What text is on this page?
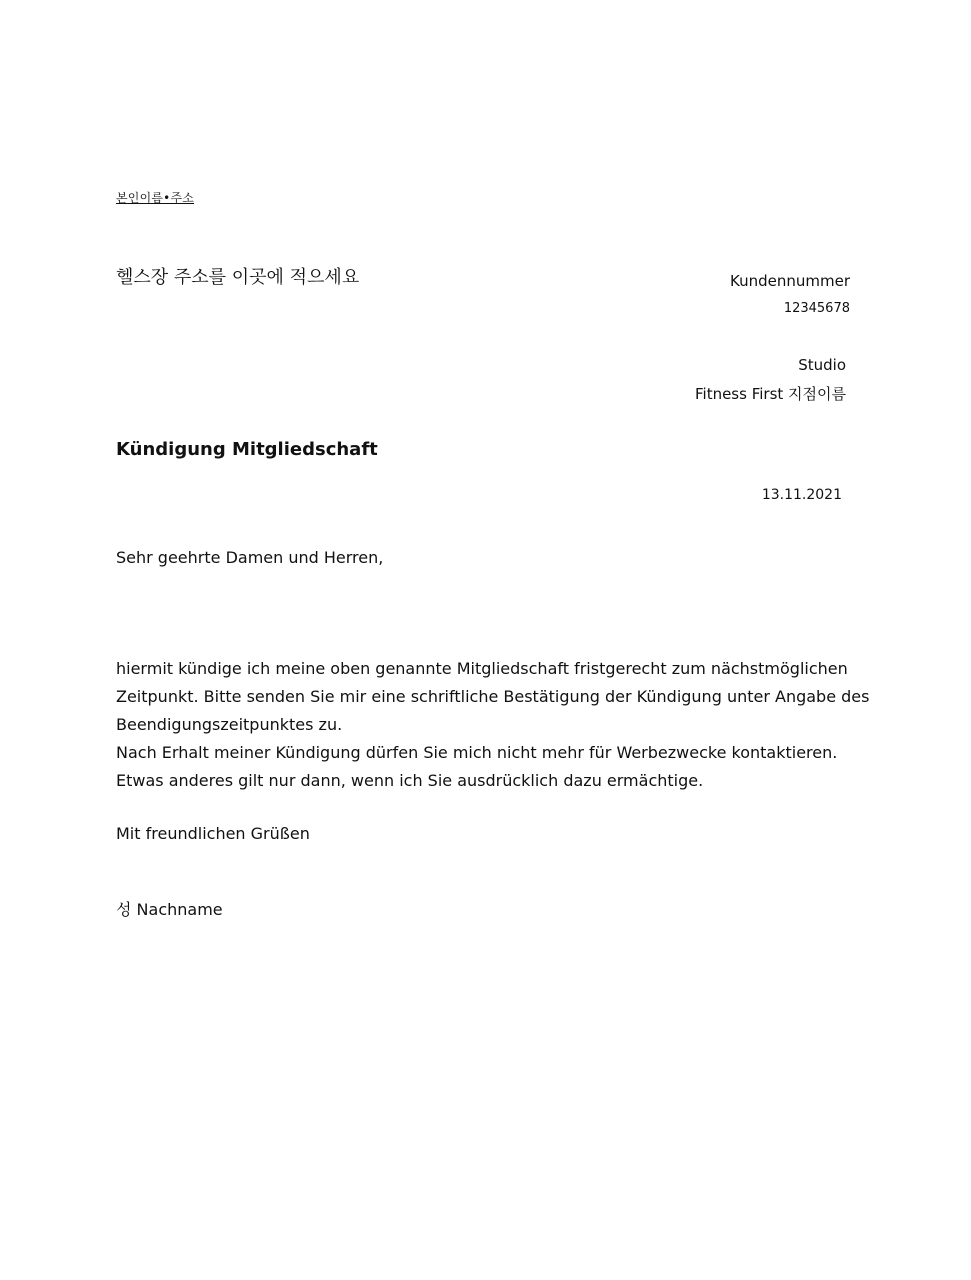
본인이름•주소
헬스장 주소를 이곳에 적으세요	Kundennummer
12345678
Studio
Fitness First 지점이름
Kündigung Mitgliedschaft
13.11.2021
Sehr geehrte Damen und Herren,
hiermit kündige ich meine oben genannte Mitgliedschaft fristgerecht zum nächstmöglichen
Zeitpunkt. Bitte senden Sie mir eine schriftliche Bestätigung der Kündigung unter Angabe des
Beendigungszeitpunktes zu.
Nach Erhalt meiner Kündigung dürfen Sie mich nicht mehr für Werbezwecke kontaktieren.
Etwas anderes gilt nur dann, wenn ich Sie ausdrücklich dazu ermächtige.
Mit freundlichen Grüßen
성 Nachname
